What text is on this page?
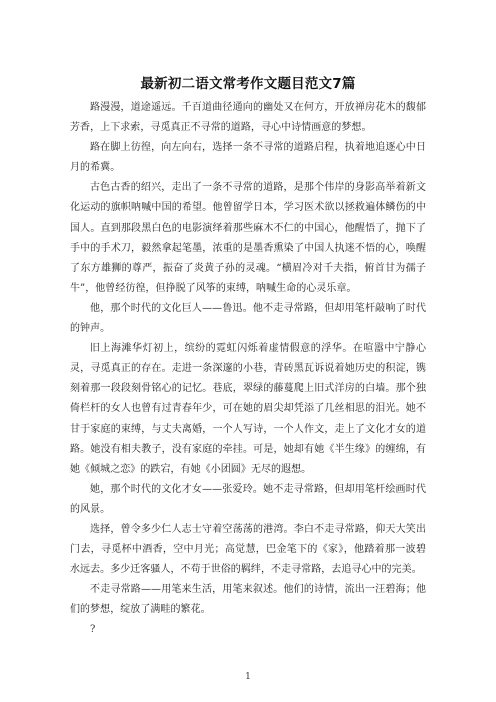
最新初二语文常考作文题目范文7篇

路漫漫，道途遥远。千百道曲径通向的幽处又在何方，开放禅房花木的馥郁芳香，上下求索，寻觅真正不寻常的道路，寻心中诗情画意的梦想。

路在脚上彷徨，向左向右，选择一条不寻常的道路启程，执着地追逐心中日月的希冀。

古色古香的绍兴，走出了一条不寻常的道路，是那个伟岸的身影高举着新文化运动的旗帜呐喊中国的希望。他曾留学日本，学习医术欲以拯救遍体鳞伤的中国人。直到那段黑白色的电影演绎着那些麻木不仁的中国心，他醒悟了，抛下了手中的手术刀，毅然拿起笔墨，浓重的是墨香熏染了中国人执迷不悟的心，唤醒了东方雄狮的尊严，振奋了炎黄子孙的灵魂。“横眉冷对千夫指，俯首甘为孺子牛”，他曾经彷徨，但挣脱了风筝的束缚，呐喊生命的心灵乐章。

他，那个时代的文化巨人——鲁迅。他不走寻常路，但却用笔杆敲响了时代的钟声。

旧上海滩华灯初上，缤纷的霓虹闪烁着虚情假意的浮华。在喧嚣中宁静心灵，寻觅真正的存在。走进一条深邃的小巷，青砖黑瓦诉说着她历史的积淀，镌刻着那一段段刻骨铭心的记忆。巷底，翠绿的藤蔓爬上旧式洋房的白墙。那个独倚栏杆的女人也曾有过青春年少，可在她的眉尖却凭添了几丝相思的泪光。她不甘于家庭的束缚，与丈夫离婚，一个人写诗，一个人作文，走上了文化才女的道路。她没有相夫教子，没有家庭的牵挂。可是，她却有她《半生缘》的缠绵，有她《倾城之恋》的跌宕，有她《小团圆》无尽的遐想。

她，那个时代的文化才女——张爱玲。她不走寻常路，但却用笔杆绘画时代的风景。

选择，曾令多少仁人志士守着空荡荡的港湾。李白不走寻常路，仰天大笑出门去，寻觅杯中酒香，空中月光；高觉慧，巴金笔下的《家》，他踏着那一波碧水远去。多少迁客骚人，不苟于世俗的羁绊，不走寻常路，去追寻心中的完美。

不走寻常路——用笔来生活，用笔来叙述。他们的诗情，流出一汪碧海；他们的梦想，绽放了满畦的繁花。

?

1
